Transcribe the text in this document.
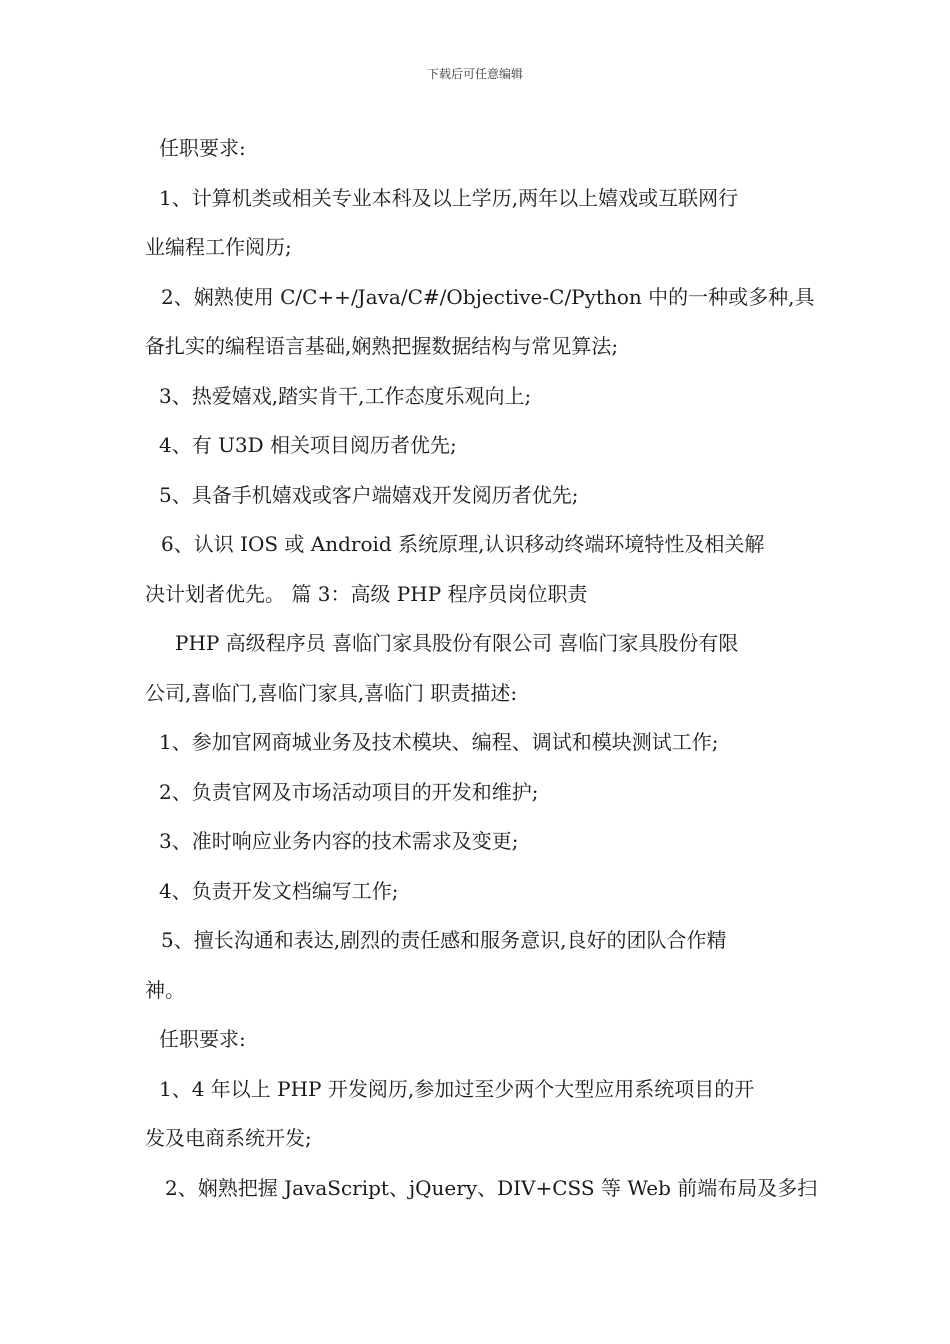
下载后可任意编辑
任职要求:
1、计算机类或相关专业本科及以上学历,两年以上嬉戏或互联网行
业编程工作阅历;
2、娴熟使用 C/C++/Java/C#/Objective-C/Python 中的一种或多种,具
备扎实的编程语言基础,娴熟把握数据结构与常见算法;
3、热爱嬉戏,踏实肯干,工作态度乐观向上;
4、有 U3D 相关项目阅历者优先;
5、具备手机嬉戏或客户端嬉戏开发阅历者优先;
6、认识 IOS 或 Android 系统原理,认识移动终端环境特性及相关解
决计划者优先。 篇 3：高级 PHP 程序员岗位职责
PHP 高级程序员 喜临门家具股份有限公司 喜临门家具股份有限
公司,喜临门,喜临门家具,喜临门 职责描述:
1、参加官网商城业务及技术模块、编程、调试和模块测试工作;
2、负责官网及市场活动项目的开发和维护;
3、准时响应业务内容的技术需求及变更;
4、负责开发文档编写工作;
5、擅长沟通和表达,剧烈的责任感和服务意识,良好的团队合作精
神。
任职要求:
1、4 年以上 PHP 开发阅历,参加过至少两个大型应用系统项目的开
发及电商系统开发;
2、娴熟把握 JavaScript、jQuery、DIV+CSS 等 Web 前端布局及多扫
